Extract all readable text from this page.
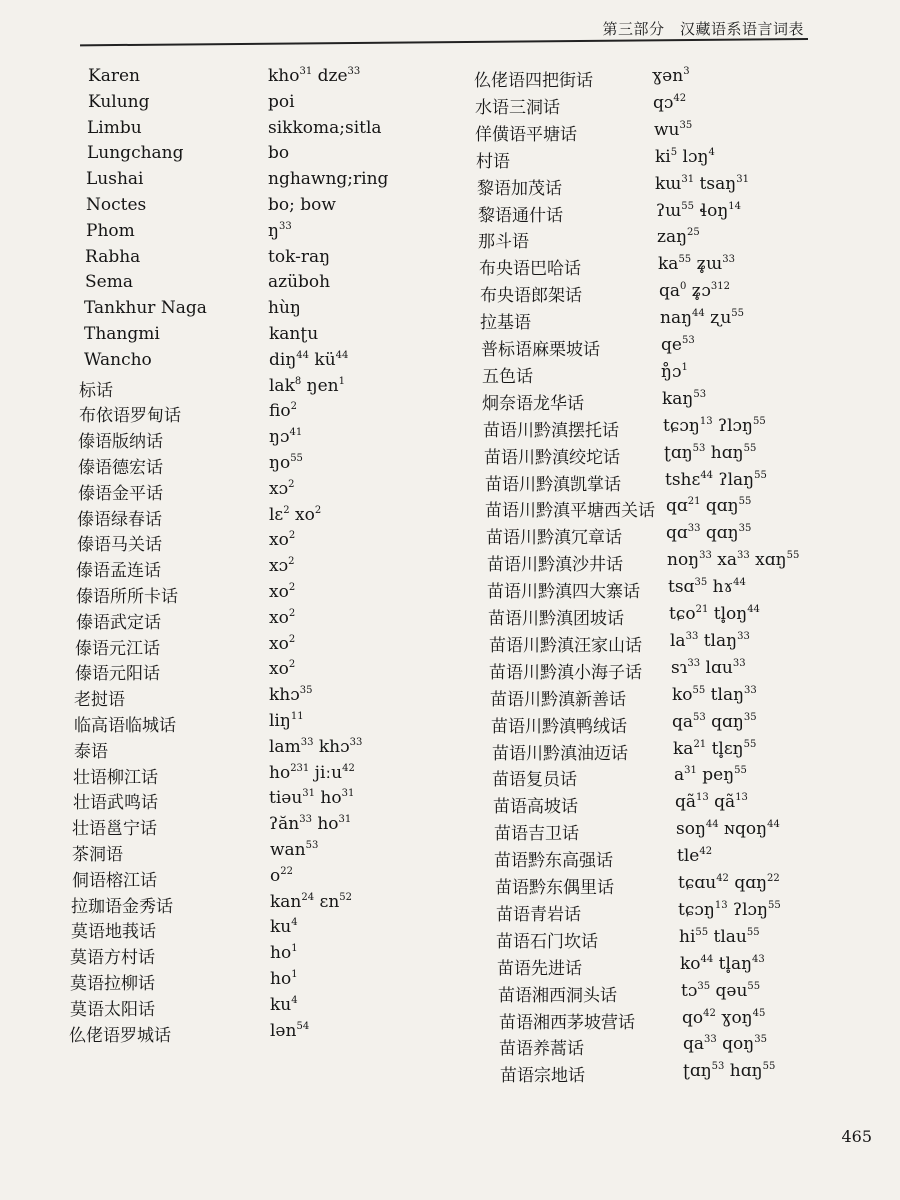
第三部分　汉藏语系语言词表
Karen	kho$^{31}$ dze$^{33}$
Kulung	poi
Limbu	sikkoma;sitla
Lungchang	bo
Lushai	nghawng;ring
Noctes	bo; bow
Phom	$ŋ^{33}$
Rabha	tok-raŋ
Sema	azüboh
Tankhur Naga	hùŋ
Thangmi	kanʈu
Wancho	diŋ$^{44}$ $kü^{44}$
标话	lak$^8$ ŋen$^1$
布依语罗甸话	fio$^2$
傣语版纳话	ŋɔ$^{41}$
傣语德宏话	$ŋo^{55}$
傣语金平话	xɔ$^2$
傣语绿春话	lɛ$^2$ $xo^2$
傣语马关话	$xo^2$
傣语孟连话	xɔ$^2$
傣语所所卡话	$xo^2$
傣语武定话	$xo^2$
傣语元江话	$xo^2$
傣语元阳话	$xo^2$
老挝语	khɔ$^{35}$
临高语临城话	liŋ$^{11}$
泰语	lam$^{33}$ khɔ$^{33}$
壮语柳江话	$ho^{231}$ jiːu$^{42}$
壮语武鸣话	tiəu$^{31}$ $ho^{31}$
壮语邕宁话	ʔăn$^{33}$ $ho^{31}$
茶洞语	wan$^{53}$
侗语榕江话	$o^{22}$
拉珈语金秀话	kan$^{24}$ ɛn$^{52}$
莫语地莪话	$ku^4$
莫语方村话	$ho^1$
莫语拉柳话	$ho^1$
莫语太阳话	$ku^4$
仫佬语罗城话	lən$^{54}$
仫佬语四把街话	ɣən$^3$
水语三洞话	qɔ$^{42}$
佯僙语平塘话	$wu^{35}$
村语	$ki^5$ lɔŋ$^4$
黎语加茂话	kɯ$^{31}$ tsaŋ$^{31}$
黎语通什话	ʔɯ$^{55}$ ɬoŋ$^{14}$
那斗语	zaŋ$^{25}$
布央语巴哈话	$ka^{55}$ ʑ̥ɯ$^{33}$
布央语郎架话	$qa^0$ ʑ̥ɔ$^{312}$
拉基语	naŋ$^{44}$ ʐu$^{55}$
普标语麻栗坡话	$qe^{53}$
五色话	ŋ̊ɔ$^1$
炯奈语龙华话	kaŋ$^{53}$
苗语川黔滇摆托话	tɕɔŋ$^{13}$ ʔlɔŋ$^{55}$
苗语川黔滇绞坨话	ʈɑŋ$^{53}$ hɑŋ$^{55}$
苗语川黔滇凯掌话	tshɛ$^{44}$ ʔlaŋ$^{55}$
苗语川黔滇平塘西关话 qɑ$^{21}$ qɑŋ$^{55}$
苗语川黔滇冗章话	qɑ$^{33}$ qɑŋ$^{35}$
苗语川黔滇沙井话	noŋ$^{33}$ $xa^{33}$ xɑŋ$^{55}$
苗语川黔滇四大寨话 tsɑ$^{35}$ hɤ$^{44}$
苗语川黔滇团坡话	tɕo$^{21}$ $tl̥oŋ^{44}$
苗语川黔滇汪家山话 $la^{33}$ tlaŋ$^{33}$
苗语川黔滇小海子话 sɿ$^{33}$ lɑu$^{33}$
苗语川黔滇新善话	$ko^{55}$ tlaŋ$^{33}$
苗语川黔滇鸭绒话	$qa^{53}$ qɑŋ$^{35}$
苗语川黔滇油迈话	$ka^{21}$ tl̥ɛŋ$^{55}$
苗语复员话	$a^{31}$ peŋ$^{55}$
苗语高坡话	$qã^{13}$ $qã^{13}$
苗语吉卫话	soŋ$^{44}$ ɴqoŋ$^{44}$
苗语黔东高强话	tle$^{42}$
苗语黔东偶里话	tɕɑu$^{42}$ qɑŋ$^{22}$
苗语青岩话	tɕɔŋ$^{13}$ ʔlɔŋ$^{55}$
苗语石门坎话	$hi^{55}$ tlau$^{55}$
苗语先进话	$ko^{44}$ $tl̥aŋ^{43}$
苗语湘西洞头话	tɔ$^{35}$ qəu$^{55}$
苗语湘西茅坡营话	$qo^{42}$ ɣoŋ$^{45}$
苗语养蒿话	$qa^{33}$ qoŋ$^{35}$
苗语宗地话	ʈɑŋ$^{53}$ hɑŋ$^{55}$
465
